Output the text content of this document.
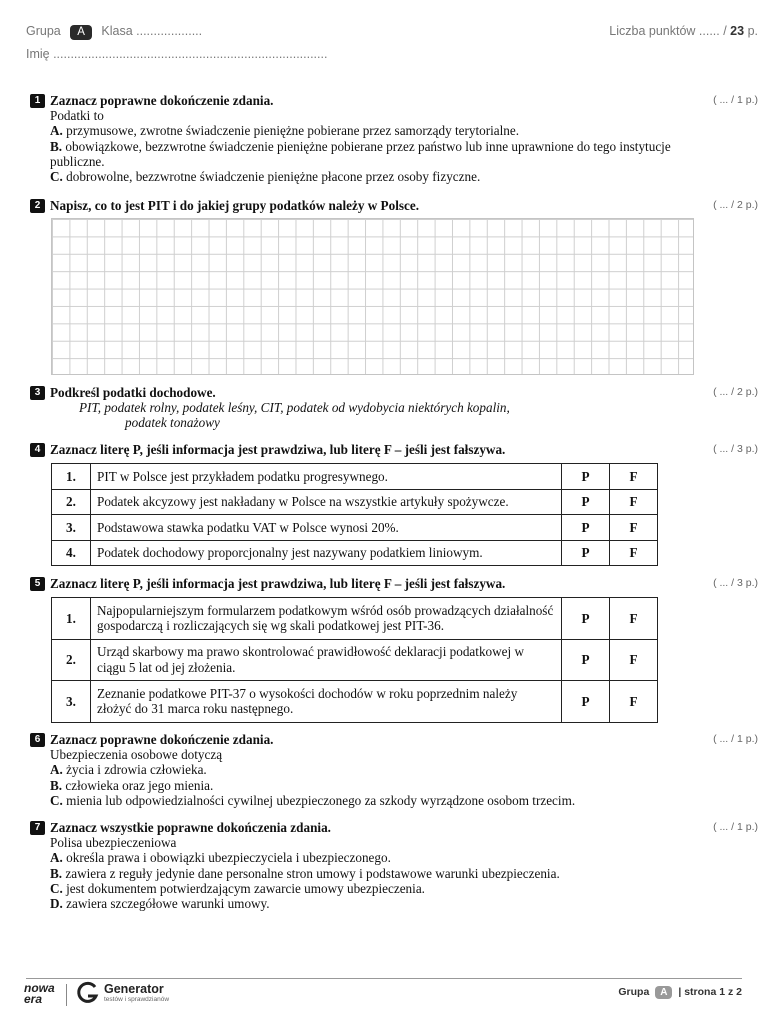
Grupa A Klasa ...................	Liczba punktów ...... / 23 p.
Imię ...............................................................................
1	( ... / 1 p.)
Zaznacz poprawne dokończenie zdania.
Podatki to
A. przymusowe, zwrotne świadczenie pieniężne pobierane przez samorządy terytorialne.
B. obowiązkowe, bezzwrotne świadczenie pieniężne pobierane przez państwo lub inne uprawnione do tego instytucje publiczne.
C. dobrowolne, bezzwrotne świadczenie pieniężne płacone przez osoby fizyczne.
2	( ... / 2 p.)
Napisz, co to jest PIT i do jakiej grupy podatków należy w Polsce.
3	( ... / 2 p.)
Podkreśl podatki dochodowe.
PIT, podatek rolny, podatek leśny, CIT, podatek od wydobycia niektórych kopalin,
podatek tonażowy
4	( ... / 3 p.)
Zaznacz literę P, jeśli informacja jest prawdziwa, lub literę F – jeśli jest fałszywa.
1.	PIT w Polsce jest przykładem podatku progresywnego.	P	F
2.	Podatek akcyzowy jest nakładany w Polsce na wszystkie artykuły spożywcze.	P	F
3.	Podstawowa stawka podatku VAT w Polsce wynosi 20%.	P	F
4.	Podatek dochodowy proporcjonalny jest nazywany podatkiem liniowym.	P	F
5	( ... / 3 p.)
Zaznacz literę P, jeśli informacja jest prawdziwa, lub literę F – jeśli jest fałszywa.
1.	Najpopularniejszym formularzem podatkowym wśród osób prowadzących działalność gospodarczą i rozliczających się wg skali podatkowej jest PIT-36.	P	F
2.	Urząd skarbowy ma prawo skontrolować prawidłowość deklaracji podatkowej w ciągu 5 lat od jej złożenia.	P	F
3.	Zeznanie podatkowe PIT-37 o wysokości dochodów w roku poprzednim należy złożyć do 31 marca roku następnego.	P	F
6	( ... / 1 p.)
Zaznacz poprawne dokończenie zdania.
Ubezpieczenia osobowe dotyczą
A. życia i zdrowia człowieka.
B. człowieka oraz jego mienia.
C. mienia lub odpowiedzialności cywilnej ubezpieczonego za szkody wyrządzone osobom trzecim.
7	( ... / 1 p.)
Zaznacz wszystkie poprawne dokończenia zdania.
Polisa ubezpieczeniowa
A. określa prawa i obowiązki ubezpieczyciela i ubezpieczonego.
B. zawiera z reguły jedynie dane personalne stron umowy i podstawowe warunki ubezpieczenia.
C. jest dokumentem potwierdzającym zawarcie umowy ubezpieczenia.
D. zawiera szczegółowe warunki umowy.
nowa
era
Generator
testów i sprawdzianów
Grupa A | strona 1 z 2
